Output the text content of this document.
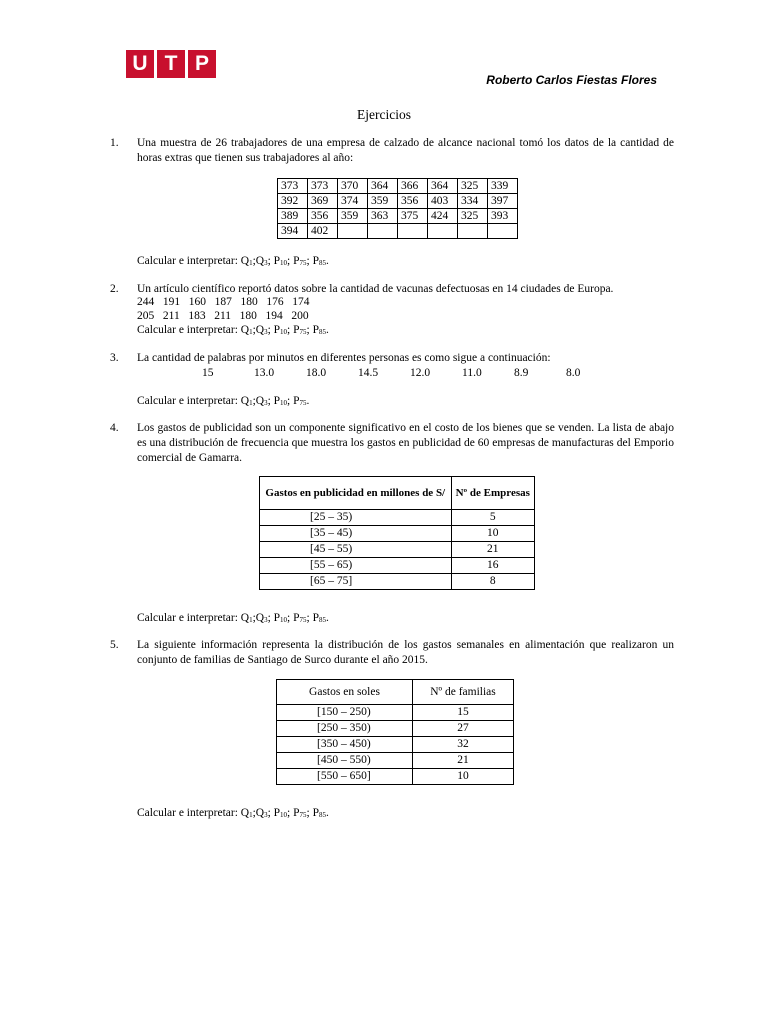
U T P
Roberto Carlos Fiestas Flores
Ejercicios
1. Una muestra de 26 trabajadores de una empresa de calzado de alcance nacional tomó los datos de la cantidad de horas extras que tienen sus trabajadores al año:
373	373	370	364	366	364	325	339
392	369	374	359	356	403	334	397
389	356	359	363	375	424	325	393
394	402						
Calcular e interpretar: $Q_1;Q_3$; $P_{10}$; $P_{75}$; $P_{85}$.
2. Un artículo científico reportó datos sobre la cantidad de vacunas defectuosas en 14 ciudades de Europa.
244   191   160   187   180   176   174
205   211   183   211   180   194   200
Calcular e interpretar: $Q_1;Q_3$; $P_{10}$; $P_{75}$; $P_{85}$.
3. La cantidad de palabras por minutos en diferentes personas es como sigue a continuación:
15	13.0	18.0	14.5	12.0	11.0	8.9	8.0
Calcular e interpretar: $Q_1;Q_3$; $P_{10}$; $P_{75}$.
4. Los gastos de publicidad son un componente significativo en el costo de los bienes que se venden. La lista de abajo es una distribución de frecuencia que muestra los gastos en publicidad de 60 empresas de manufacturas del Emporio comercial de Gamarra.
Gastos en publicidad en millones de S/	Nº de Empresas
[25 – 35)	5
[35 – 45)	10
[45 – 55)	21
[55 – 65)	16
[65 – 75]	8
Calcular e interpretar: $Q_1;Q_3$; $P_{10}$; $P_{75}$; $P_{85}$.
5. La siguiente información representa la distribución de los gastos semanales en alimentación que realizaron un conjunto de familias de Santiago de Surco durante el año 2015.
Gastos en soles	Nº de familias
[150 – 250)	15
[250 – 350)	27
[350 – 450)	32
[450 – 550)	21
[550 – 650]	10
Calcular e interpretar: $Q_1;Q_3$; $P_{10}$; $P_{75}$; $P_{85}$.
